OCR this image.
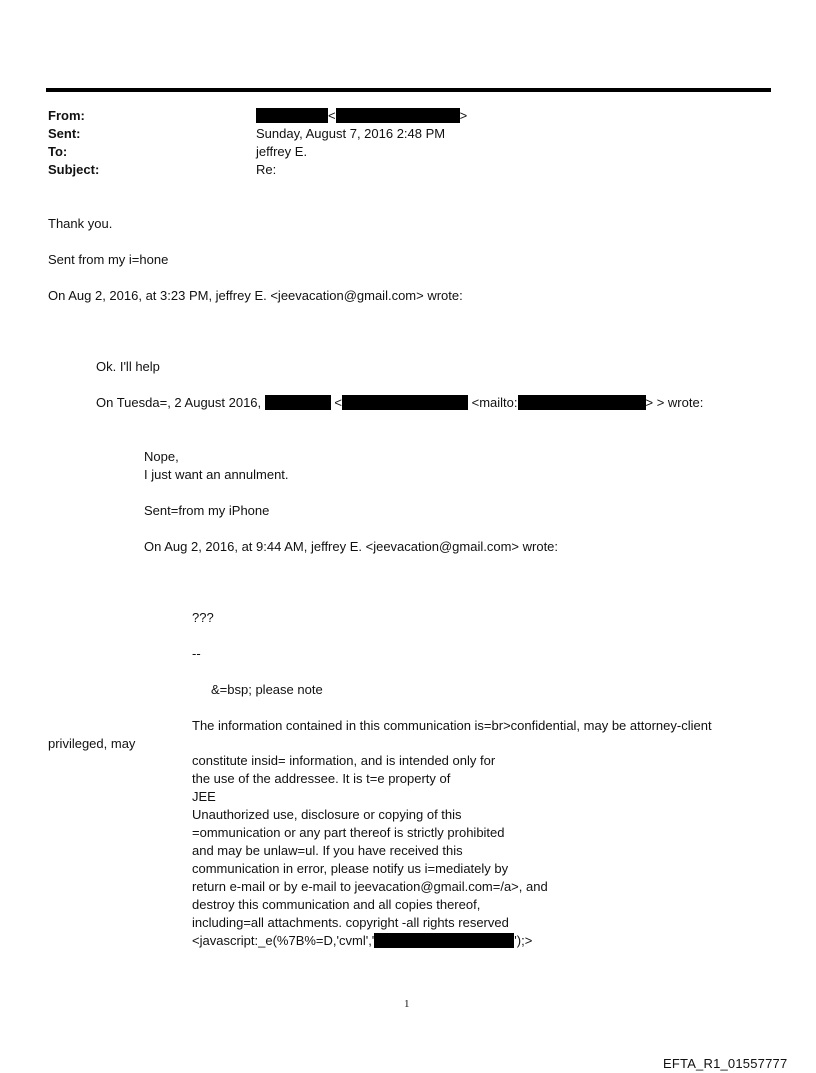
From:	<	>
Sent:	Sunday, August 7, 2016 2:48 PM
To:	jeffrey E.
Subject:	Re:
Thank you.
Sent from my i=hone
On Aug 2, 2016, at 3:23 PM, jeffrey E. <jeevacation@gmail.com> wrote:
Ok. I'll help
On Tuesda=, 2 August 2016,	<	<mailto:	> > wrote:
Nope,
I just want an annulment.
Sent=from my iPhone
On Aug 2, 2016, at 9:44 AM, jeffrey E. <jeevacation@gmail.com> wrote:
???
--
&=bsp; please note
The information contained in this communication is=br>confidential, may be attorney-client
privileged, may
constitute insid= information, and is intended only for
the use of the addressee. It is t=e property of
JEE
Unauthorized use, disclosure or copying of this
=ommunication or any part thereof is strictly prohibited
and may be unlaw=ul. If you have received this
communication in error, please notify us i=mediately by
return e-mail or by e-mail to jeevacation@gmail.com=/a>, and
destroy this communication and all copies thereof,
including=all attachments. copyright -all rights reserved
<javascript:_e(%7B%=D,'cvml','	');>
1
EFTA_R1_01557777
